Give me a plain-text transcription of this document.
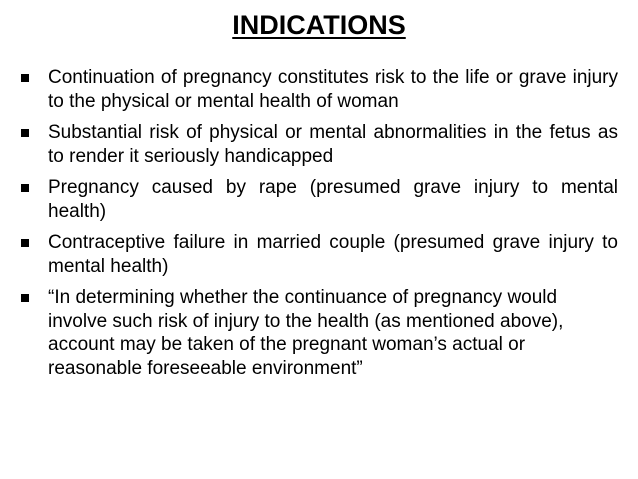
INDICATIONS
Continuation of pregnancy constitutes risk to the life or grave injury to the physical or mental health of woman
Substantial risk of physical or mental abnormalities in the fetus as to render it seriously handicapped
Pregnancy caused by rape (presumed grave injury to mental health)
Contraceptive failure in married couple (presumed grave injury to mental health)
“In determining whether the continuance of pregnancy would involve such risk of injury to the health (as mentioned above), account may be taken of the pregnant woman’s actual or reasonable foreseeable environment”
